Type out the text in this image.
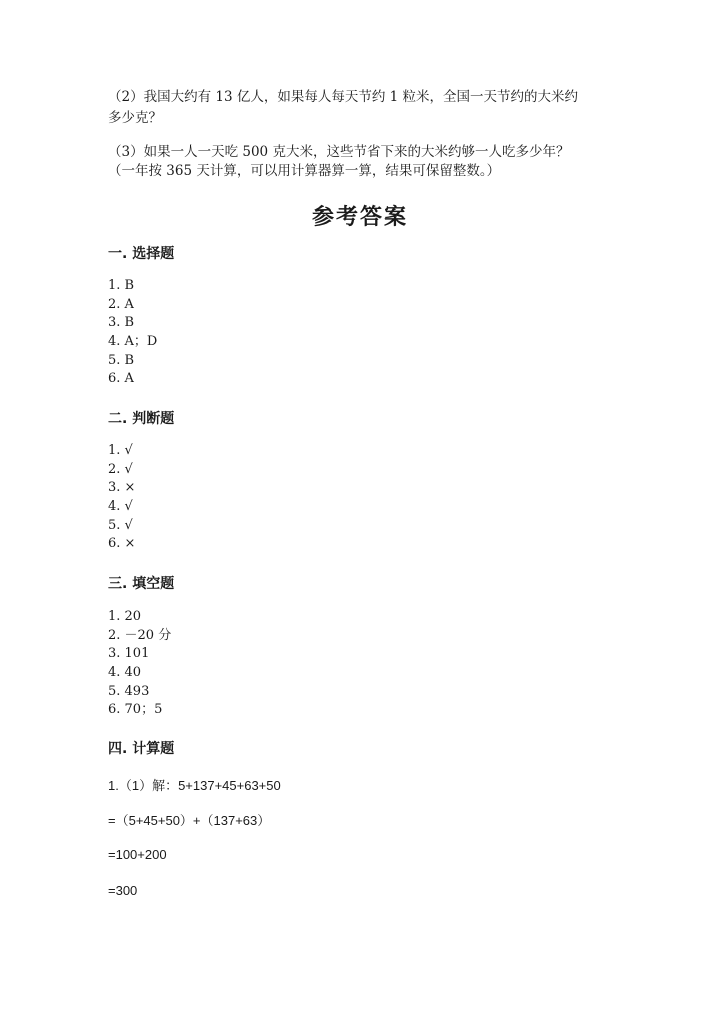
（2）我国大约有 13 亿人，如果每人每天节约 1 粒米，全国一天节约的大米约
多少克？
（3）如果一人一天吃 500 克大米，这些节省下来的大米约够一人吃多少年？
（一年按 365 天计算，可以用计算器算一算，结果可保留整数。）
参考答案
一. 选择题
1. B
2. A
3. B
4. A；D
5. B
6. A
二. 判断题
1. √
2. √
3. ×
4. √
5. √
6. ×
三. 填空题
1. 20
2. －20 分
3. 101
4. 40
5. 493
6. 70；5
四. 计算题
1.（1）解：5+137+45+63+50
=（5+45+50）+（137+63）
=100+200
=300
